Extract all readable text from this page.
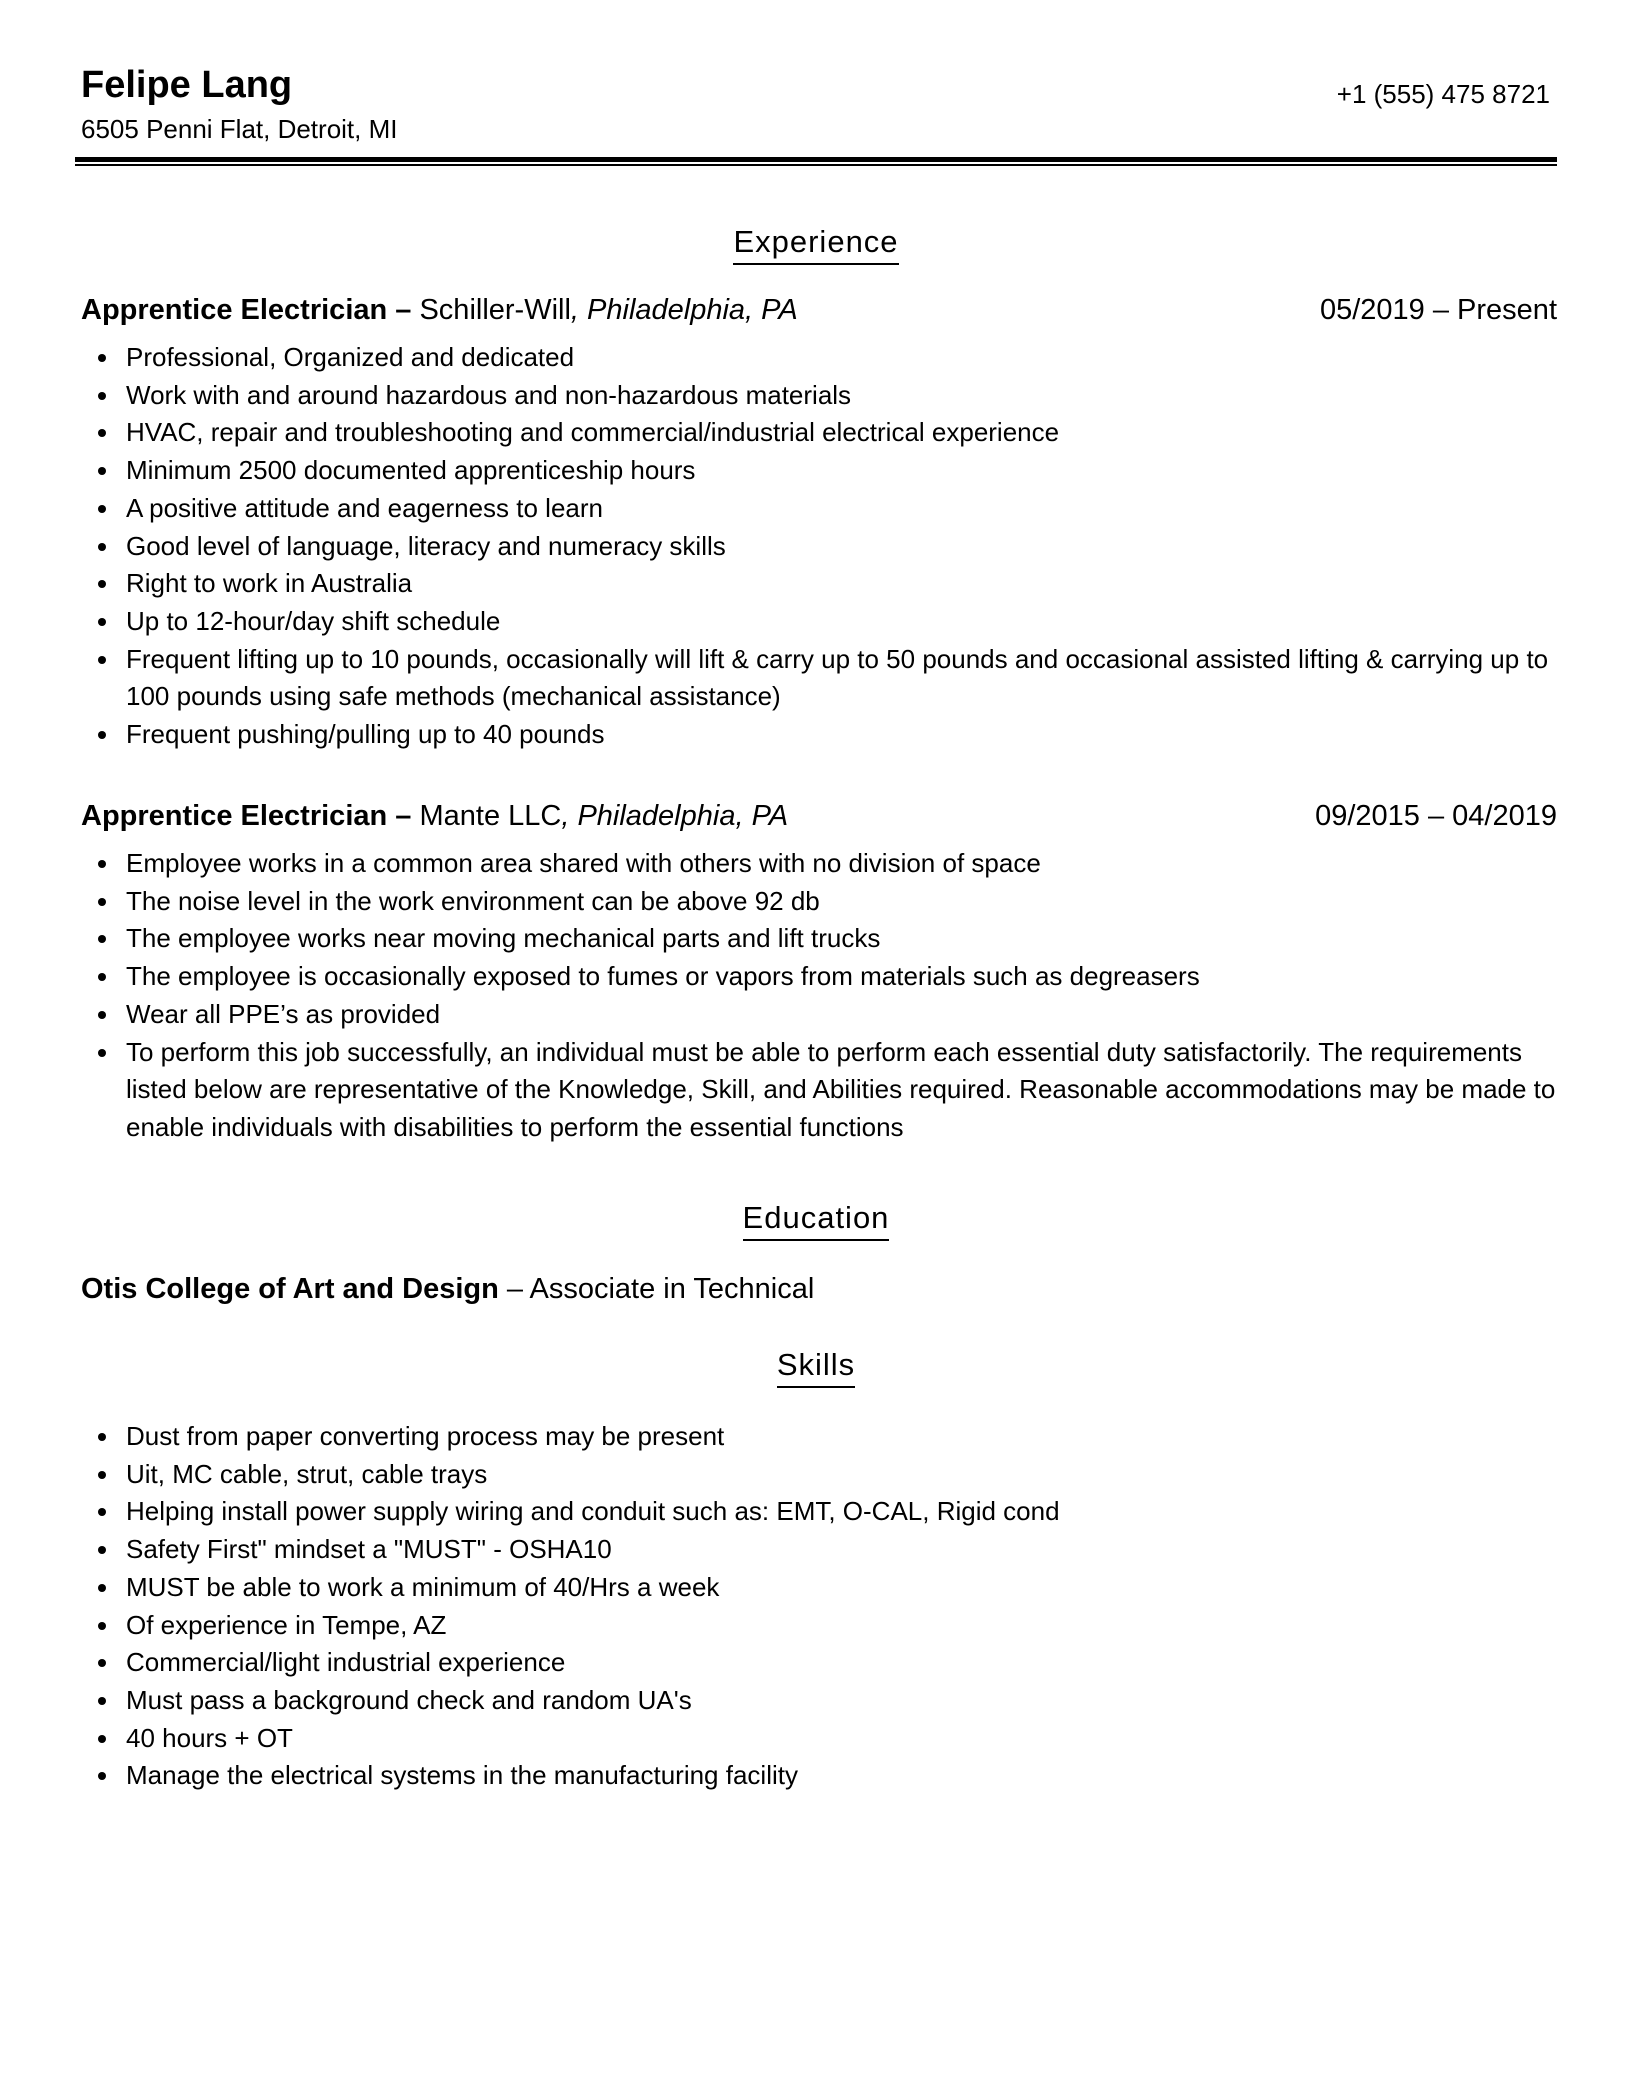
Felipe Lang
6505 Penni Flat, Detroit, MI
+1 (555) 475 8721
Experience
Apprentice Electrician – Schiller-Will, Philadelphia, PA	05/2019 – Present
Professional, Organized and dedicated
Work with and around hazardous and non-hazardous materials
HVAC, repair and troubleshooting and commercial/industrial electrical experience
Minimum 2500 documented apprenticeship hours
A positive attitude and eagerness to learn
Good level of language, literacy and numeracy skills
Right to work in Australia
Up to 12-hour/day shift schedule
Frequent lifting up to 10 pounds, occasionally will lift & carry up to 50 pounds and occasional assisted lifting & carrying up to 100 pounds using safe methods (mechanical assistance)
Frequent pushing/pulling up to 40 pounds
Apprentice Electrician – Mante LLC, Philadelphia, PA	09/2015 – 04/2019
Employee works in a common area shared with others with no division of space
The noise level in the work environment can be above 92 db
The employee works near moving mechanical parts and lift trucks
The employee is occasionally exposed to fumes or vapors from materials such as degreasers
Wear all PPE’s as provided
To perform this job successfully, an individual must be able to perform each essential duty satisfactorily. The requirements listed below are representative of the Knowledge, Skill, and Abilities required. Reasonable accommodations may be made to enable individuals with disabilities to perform the essential functions
Education
Otis College of Art and Design – Associate in Technical
Skills
Dust from paper converting process may be present
Uit, MC cable, strut, cable trays
Helping install power supply wiring and conduit such as: EMT, O-CAL, Rigid cond
Safety First" mindset a "MUST" - OSHA10
MUST be able to work a minimum of 40/Hrs a week
Of experience in Tempe, AZ
Commercial/light industrial experience
Must pass a background check and random UA's
40 hours + OT
Manage the electrical systems in the manufacturing facility
